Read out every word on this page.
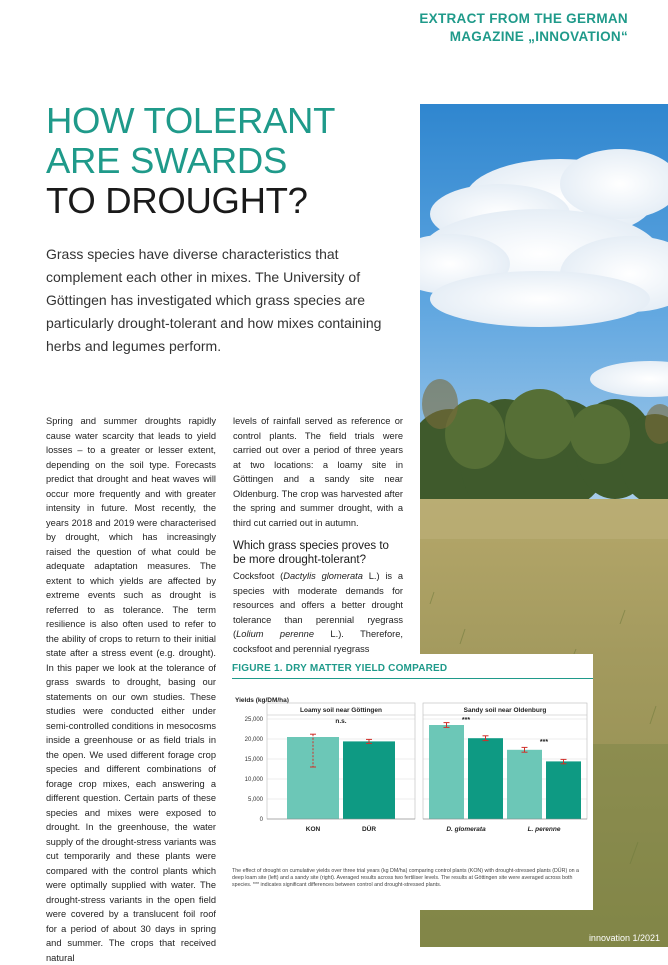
EXTRACT FROM THE GERMAN
MAGAZINE „INNOVATION“
HOW TOLERANT
ARE SWARDS
TO DROUGHT?
Grass species have diverse characteristics that complement each other in mixes. The University of Göttingen has investigated which grass species are particularly drought-tolerant and how mixes containing herbs and legumes perform.
Spring and summer droughts rapidly cause water scarcity that leads to yield losses – to a greater or lesser extent, depending on the soil type. Forecasts predict that drought and heat waves will occur more frequently and with greater intensity in future. Most recently, the years 2018 and 2019 were characterised by drought, which has increasingly raised the question of what could be adequate adaptation measures. The extent to which yields are affected by extreme events such as drought is referred to as tolerance. The term resilience is also often used to refer to the ability of crops to return to their initial state after a stress event (e.g. drought). In this paper we look at the tolerance of grass swards to drought, basing our statements on our own studies. These studies were conducted either under semi-controlled conditions in mesocosms inside a greenhouse or as field trials in the open. We used different forage crop species and different combinations of forage crop mixes, each answering a different question. Certain parts of these species and mixes were exposed to drought. In the greenhouse, the water supply of the drought-stress variants was cut temporarily and these plants were compared with the control plants which were optimally supplied with water. The drought-stress variants in the open field were covered by a translucent foil roof for a period of about 30 days in spring and summer. The crops that received natural
levels of rainfall served as reference or control plants. The field trials were carried out over a period of three years at two locations: a loamy site in Göttingen and a sandy site near Oldenburg. The crop was harvested after the spring and summer drought, with a third cut carried out in autumn.
Which grass species proves to be more drought-tolerant?
Cocksfoot (Dactylis glomerata L.) is a species with moderate demands for resources and offers a better drought tolerance than perennial ryegrass (Lolium perenne L.). Therefore, cocksfoot and perennial ryegrass
FIGURE 1. DRY MATTER YIELD COMPARED
Yields (kg/DM/ha)
0
5,000
10,000
15,000
20,000
25,000
Loamy soil near Göttingen
n.s.
KON	DÜR
Sandy soil near Oldenburg
D. glomerata	L. perenne
***
***
The effect of drought on cumulative yields over three trial years (kg DM/ha) comparing control plants (KON) with drought-stressed plants (DÜR) on a deep loam site (left) and a sandy site (right). Averaged results across two fertiliser levels. The results at Göttingen site were averaged across both species. *** indicates significant differences between control and drought-stressed plants.
innovation 1/2021
